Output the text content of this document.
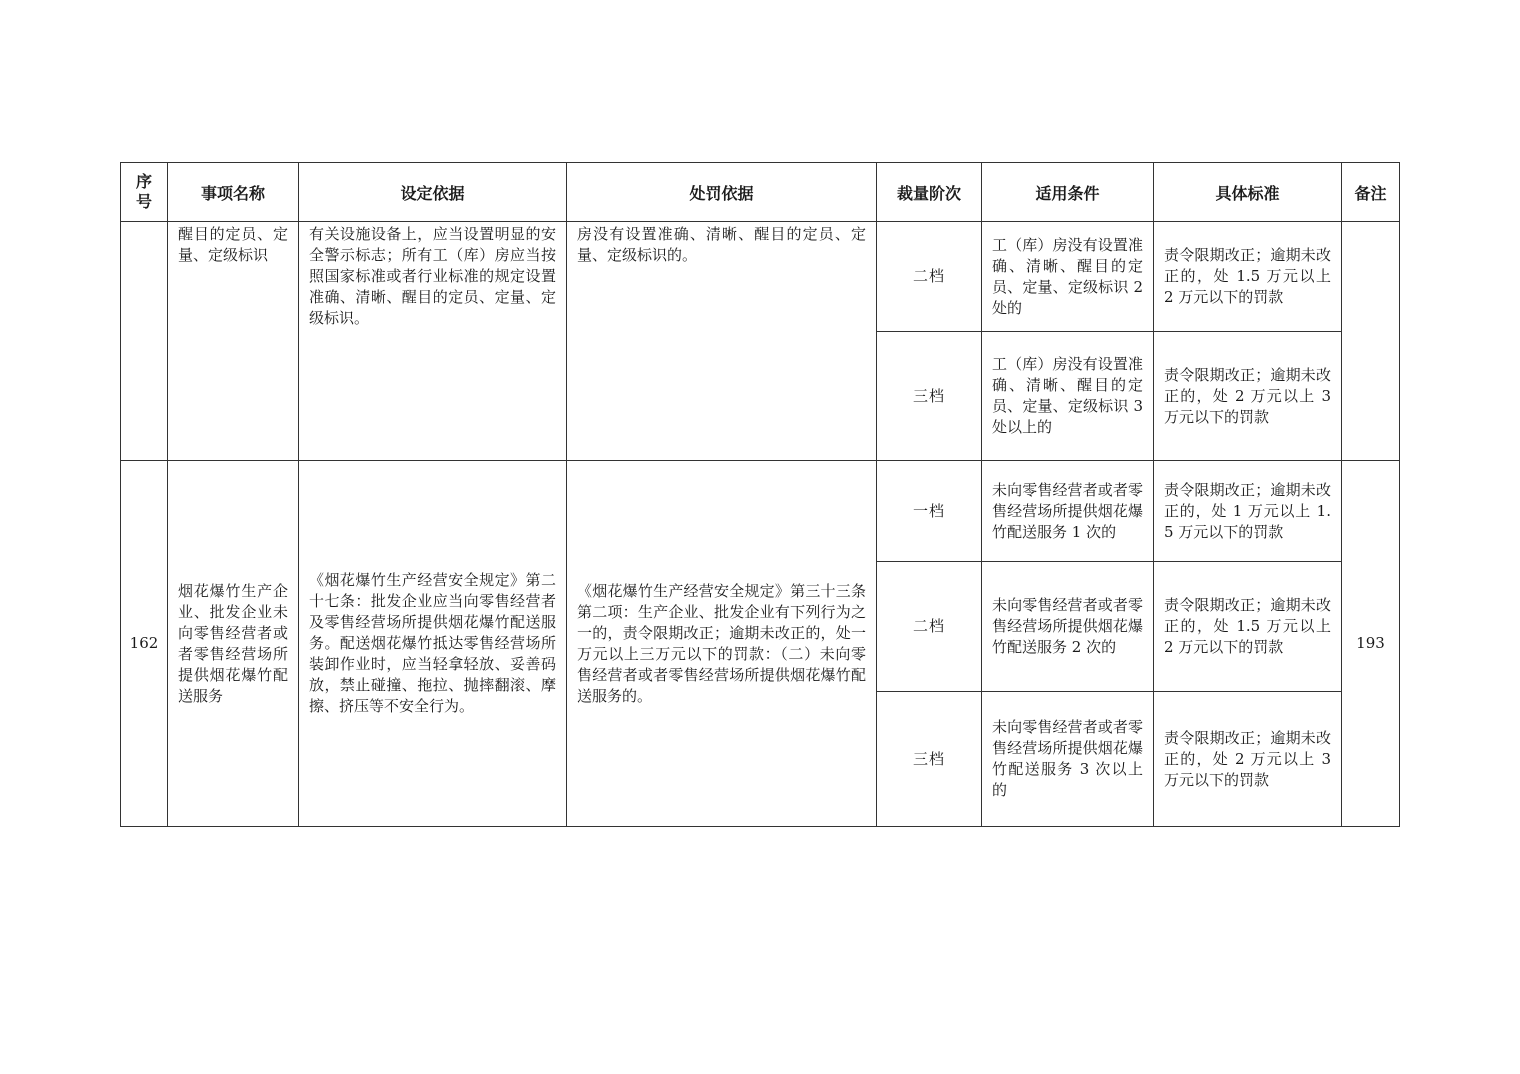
序
号	事项名称	设定依据	处罚依据	裁量阶次	适用条件	具体标准	备注

	醒目的定员、定量、定级标识	有关设施设备上，应当设置明显的安全警示标志；所有工（库）房应当按照国家标准或者行业标准的规定设置准确、清晰、醒目的定员、定量、定级标识。	房没有设置准确、清晰、醒目的定员、定量、定级标识的。	二档	工（库）房没有设置准确、清晰、醒目的定员、定量、定级标识 2 处的	责令限期改正；逾期未改正的，处 1.5 万元以上 2 万元以下的罚款	

				三档	工（库）房没有设置准确、清晰、醒目的定员、定量、定级标识 3 处以上的	责令限期改正；逾期未改正的，处 2 万元以上 3 万元以下的罚款	

162	烟花爆竹生产企业、批发企业未向零售经营者或者零售经营场所提供烟花爆竹配送服务	《烟花爆竹生产经营安全规定》第二十七条：批发企业应当向零售经营者及零售经营场所提供烟花爆竹配送服务。配送烟花爆竹抵达零售经营场所装卸作业时，应当轻拿轻放、妥善码放，禁止碰撞、拖拉、抛摔翻滚、摩擦、挤压等不安全行为。	《烟花爆竹生产经营安全规定》第三十三条第二项：生产企业、批发企业有下列行为之一的，责令限期改正；逾期未改正的，处一万元以上三万元以下的罚款：（二）未向零售经营者或者零售经营场所提供烟花爆竹配送服务的。	一档	未向零售经营者或者零售经营场所提供烟花爆竹配送服务 1 次的	责令限期改正；逾期未改正的，处 1 万元以上 1.5 万元以下的罚款	193
				二档	未向零售经营者或者零售经营场所提供烟花爆竹配送服务 2 次的	责令限期改正；逾期未改正的，处 1.5 万元以上 2 万元以下的罚款	

				三档	未向零售经营者或者零售经营场所提供烟花爆竹配送服务 3 次以上的	责令限期改正；逾期未改正的，处 2 万元以上 3 万元以下的罚款	
